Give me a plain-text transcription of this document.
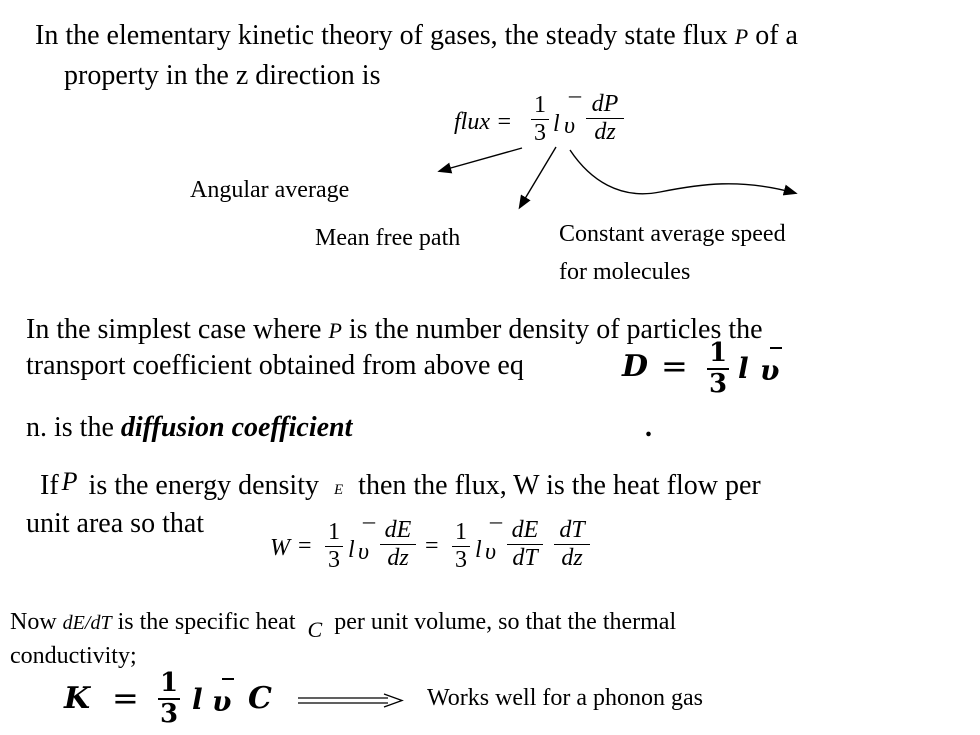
In the elementary kinetic theory of gases, the steady state flux P of a
property in the z direction is
flux =
1
3 l υ
¯ dP
dz
Angular average
Mean free path	Constant average speed
for molecules
In the simplest case where P is the number density of particles the
transport coefficient obtained from above eq	D = 1
3 l υ
n. is the diffusion coefficient	.
If P is the energy density E then the flux, W is the heat flow per
unit area so that
W =
1
3 l υ
¯ dE
dz =
1
3 l υ
¯ dE
dT
dT
dz
Now dE/dT is the specific heat C per unit volume, so that the thermal
conductivity;
K = 1
3 l υ C	Works well for a phonon gas
